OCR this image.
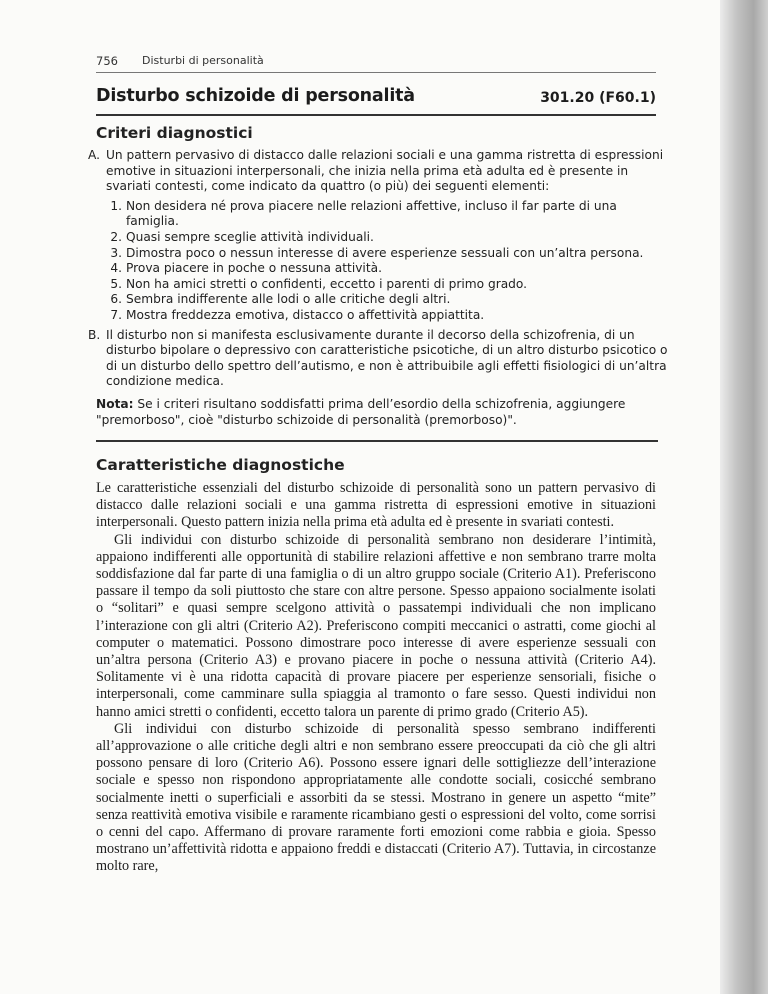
756 Disturbi di personalità
Disturbo schizoide di personalità	301.20 (F60.1)
Criteri diagnostici

A. Un pattern pervasivo di distacco dalle relazioni sociali e una gamma ristretta di espressioni emotive in situazioni interpersonali, che inizia nella prima età adulta ed è presente in svariati contesti, come indicato da quattro (o più) dei seguenti elementi:

1. Non desidera né prova piacere nelle relazioni affettive, incluso il far parte di una famiglia.
2. Quasi sempre sceglie attività individuali.
3. Dimostra poco o nessun interesse di avere esperienze sessuali con un’altra persona.
4. Prova piacere in poche o nessuna attività.
5. Non ha amici stretti o confidenti, eccetto i parenti di primo grado.
6. Sembra indifferente alle lodi o alle critiche degli altri.
7. Mostra freddezza emotiva, distacco o affettività appiattita.

B. Il disturbo non si manifesta esclusivamente durante il decorso della schizofrenia, di un disturbo bipolare o depressivo con caratteristiche psicotiche, di un altro disturbo psicotico o di un disturbo dello spettro dell’autismo, e non è attribuibile agli effetti fisiologici di un’altra condizione medica.

Nota: Se i criteri risultano soddisfatti prima dell’esordio della schizofrenia, aggiungere "premorboso", cioè "disturbo schizoide di personalità (premorboso)".
Caratteristiche diagnostiche

Le caratteristiche essenziali del disturbo schizoide di personalità sono un pattern pervasivo di distacco dalle relazioni sociali e una gamma ristretta di espressioni emotive in situazioni interpersonali. Questo pattern inizia nella prima età adulta ed è presente in svariati contesti.

Gli individui con disturbo schizoide di personalità sembrano non desiderare l’intimità, appaiono indifferenti alle opportunità di stabilire relazioni affettive e non sembrano trarre molta soddisfazione dal far parte di una famiglia o di un altro gruppo sociale (Criterio A1). Preferiscono passare il tempo da soli piuttosto che stare con altre persone. Spesso appaiono socialmente isolati o “solitari” e quasi sempre scelgono attività o passatempi individuali che non implicano l’interazione con gli altri (Criterio A2). Preferiscono compiti meccanici o astratti, come giochi al computer o matematici. Possono dimostrare poco interesse di avere esperienze sessuali con un’altra persona (Criterio A3) e provano piacere in poche o nessuna attività (Criterio A4). Solitamente vi è una ridotta capacità di provare piacere per esperienze sensoriali, fisiche o interpersonali, come camminare sulla spiaggia al tramonto o fare sesso. Questi individui non hanno amici stretti o confidenti, eccetto talora un parente di primo grado (Criterio A5).

Gli individui con disturbo schizoide di personalità spesso sembrano indifferenti all’approvazione o alle critiche degli altri e non sembrano essere preoccupati da ciò che gli altri possono pensare di loro (Criterio A6). Possono essere ignari delle sottigliezze dell’interazione sociale e spesso non rispondono appropriatamente alle condotte sociali, cosicché sembrano socialmente inetti o superficiali e assorbiti da se stessi. Mostrano in genere un aspetto “mite” senza reattività emotiva visibile e raramente ricambiano gesti o espressioni del volto, come sorrisi o cenni del capo. Affermano di provare raramente forti emozioni come rabbia e gioia. Spesso mostrano un’affettività ridotta e appaiono freddi e distaccati (Criterio A7). Tuttavia, in circostanze molto rare,
